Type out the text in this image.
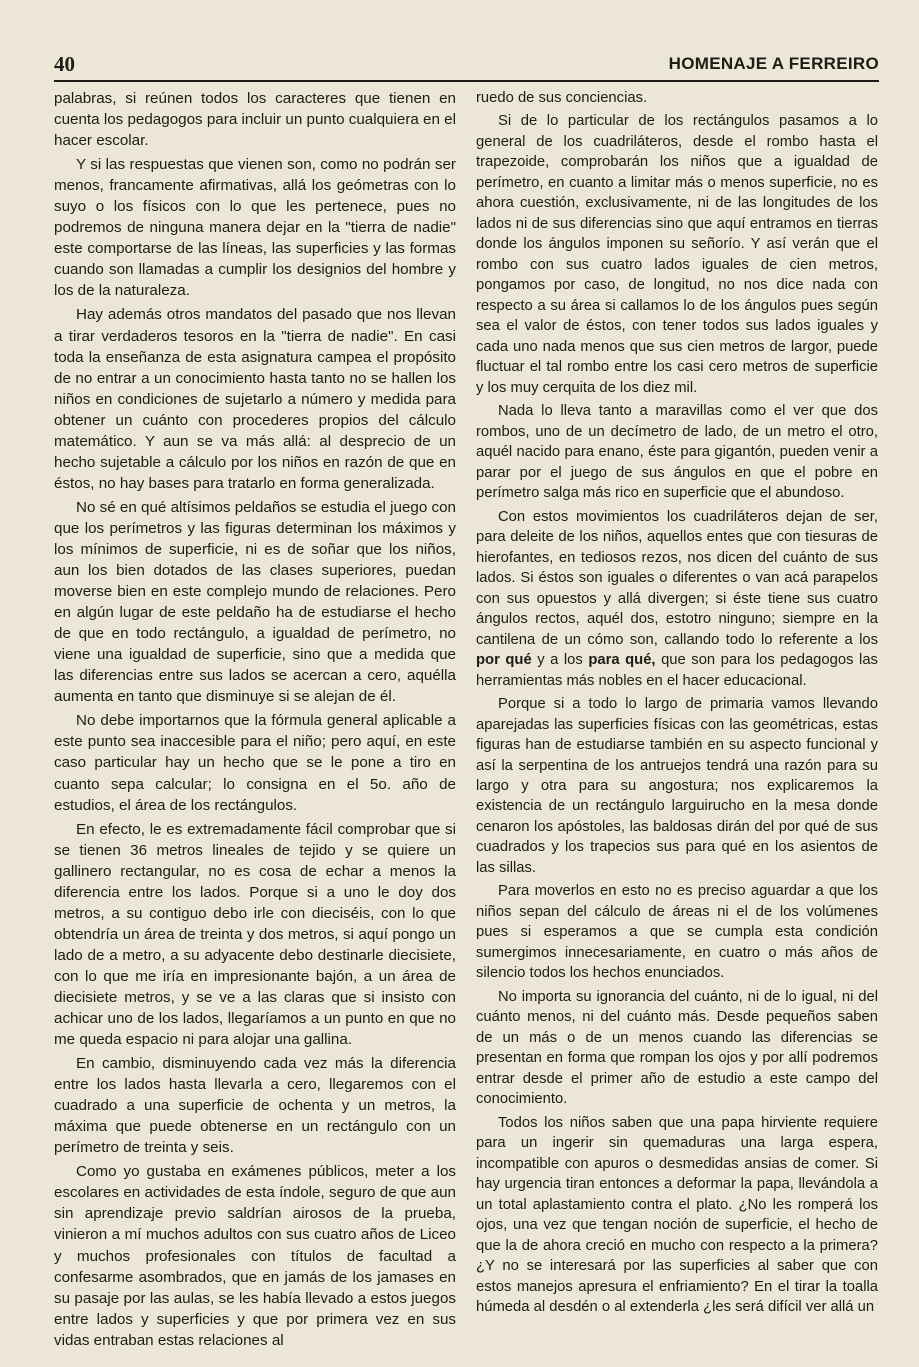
40	HOMENAJE A FERREIRO

palabras, si reúnen todos los caracteres que tienen en cuenta los pedagogos para incluir un punto cualquiera en el hacer escolar.

Y si las respuestas que vienen son, como no podrán ser menos, francamente afirmativas, allá los geómetras con lo suyo o los físicos con lo que les pertenece, pues no podremos de ninguna manera dejar en la "tierra de nadie" este comportarse de las líneas, las superficies y las formas cuando son llamadas a cumplir los designios del hombre y los de la naturaleza.

Hay además otros mandatos del pasado que nos llevan a tirar verdaderos tesoros en la "tierra de nadie". En casi toda la enseñanza de esta asignatura campea el propósito de no entrar a un conocimiento hasta tanto no se hallen los niños en condiciones de sujetarlo a número y medida para obtener un cuánto con procederes propios del cálculo matemático. Y aun se va más allá: al desprecio de un hecho sujetable a cálculo por los niños en razón de que en éstos, no hay bases para tratarlo en forma generalizada.

No sé en qué altísimos peldaños se estudia el juego con que los perímetros y las figuras determinan los máximos y los mínimos de superficie, ni es de soñar que los niños, aun los bien dotados de las clases superiores, puedan moverse bien en este complejo mundo de relaciones. Pero en algún lugar de este peldaño ha de estudiarse el hecho de que en todo rectángulo, a igualdad de perímetro, no viene una igualdad de superficie, sino que a medida que las diferencias entre sus lados se acercan a cero, aquélla aumenta en tanto que disminuye si se alejan de él.

No debe importarnos que la fórmula general aplicable a este punto sea inaccesible para el niño; pero aquí, en este caso particular hay un hecho que se le pone a tiro en cuanto sepa calcular; lo consigna en el 5o. año de estudios, el área de los rectángulos.

En efecto, le es extremadamente fácil comprobar que si se tienen 36 metros lineales de tejido y se quiere un gallinero rectangular, no es cosa de echar a menos la diferencia entre los lados. Porque si a uno le doy dos metros, a su contiguo debo irle con dieciséis, con lo que obtendría un área de treinta y dos metros, si aquí pongo un lado de a metro, a su adyacente debo destinarle diecisiete, con lo que me iría en impresionante bajón, a un área de diecisiete metros, y se ve a las claras que si insisto con achicar uno de los lados, llegaríamos a un punto en que no me queda espacio ni para alojar una gallina.

En cambio, disminuyendo cada vez más la diferencia entre los lados hasta llevarla a cero, llegaremos con el cuadrado a una superficie de ochenta y un metros, la máxima que puede obtenerse en un rectángulo con un perímetro de treinta y seis.

Como yo gustaba en exámenes públicos, meter a los escolares en actividades de esta índole, seguro de que aun sin aprendizaje previo saldrían airosos de la prueba, vinieron a mí muchos adultos con sus cuatro años de Liceo y muchos profesionales con títulos de facultad a confesarme asombrados, que en jamás de los jamases en su pasaje por las aulas, se les había llevado a estos juegos entre lados y superficies y que por primera vez en sus vidas entraban estas relaciones al

ruedo de sus conciencias.

Si de lo particular de los rectángulos pasamos a lo general de los cuadriláteros, desde el rombo hasta el trapezoide, comprobarán los niños que a igualdad de perímetro, en cuanto a limitar más o menos superficie, no es ahora cuestión, exclusivamente, ni de las longitudes de los lados ni de sus diferencias sino que aquí entramos en tierras donde los ángulos imponen su señorío. Y así verán que el rombo con sus cuatro lados iguales de cien metros, pongamos por caso, de longitud, no nos dice nada con respecto a su área si callamos lo de los ángulos pues según sea el valor de éstos, con tener todos sus lados iguales y cada uno nada menos que sus cien metros de largor, puede fluctuar el tal rombo entre los casi cero metros de superficie y los muy cerquita de los diez mil.

Nada lo lleva tanto a maravillas como el ver que dos rombos, uno de un decímetro de lado, de un metro el otro, aquél nacido para enano, éste para gigantón, pueden venir a parar por el juego de sus ángulos en que el pobre en perímetro salga más rico en superficie que el abundoso.

Con estos movimientos los cuadriláteros dejan de ser, para deleite de los niños, aquellos entes que con tiesuras de hierofantes, en tediosos rezos, nos dicen del cuánto de sus lados. Si éstos son iguales o diferentes o van acá parapelos con sus opuestos y allá divergen; si éste tiene sus cuatro ángulos rectos, aquél dos, estotro ninguno; siempre en la cantilena de un cómo son, callando todo lo referente a los por qué y a los para qué, que son para los pedagogos las herramientas más nobles en el hacer educacional.

Porque si a todo lo largo de primaria vamos llevando aparejadas las superficies físicas con las geométricas, estas figuras han de estudiarse también en su aspecto funcional y así la serpentina de los antruejos tendrá una razón para su largo y otra para su angostura; nos explicaremos la existencia de un rectángulo larguirucho en la mesa donde cenaron los apóstoles, las baldosas dirán del por qué de sus cuadrados y los trapecios sus para qué en los asientos de las sillas.

Para moverlos en esto no es preciso aguardar a que los niños sepan del cálculo de áreas ni el de los volúmenes pues si esperamos a que se cumpla esta condición sumergimos innecesariamente, en cuatro o más años de silencio todos los hechos enunciados.

No importa su ignorancia del cuánto, ni de lo igual, ni del cuánto menos, ni del cuánto más. Desde pequeños saben de un más o de un menos cuando las diferencias se presentan en forma que rompan los ojos y por allí podremos entrar desde el primer año de estudio a este campo del conocimiento.

Todos los niños saben que una papa hirviente requiere para un ingerir sin quemaduras una larga espera, incompatible con apuros o desmedidas ansias de comer. Si hay urgencia tiran entonces a deformar la papa, llevándola a un total aplastamiento contra el plato. ¿No les romperá los ojos, una vez que tengan noción de superficie, el hecho de que la de ahora creció en mucho con respecto a la primera? ¿Y no se interesará por las superficies al saber que con estos manejos apresura el enfriamiento? En el tirar la toalla húmeda al desdén o al extenderla ¿les será difícil ver allá un
